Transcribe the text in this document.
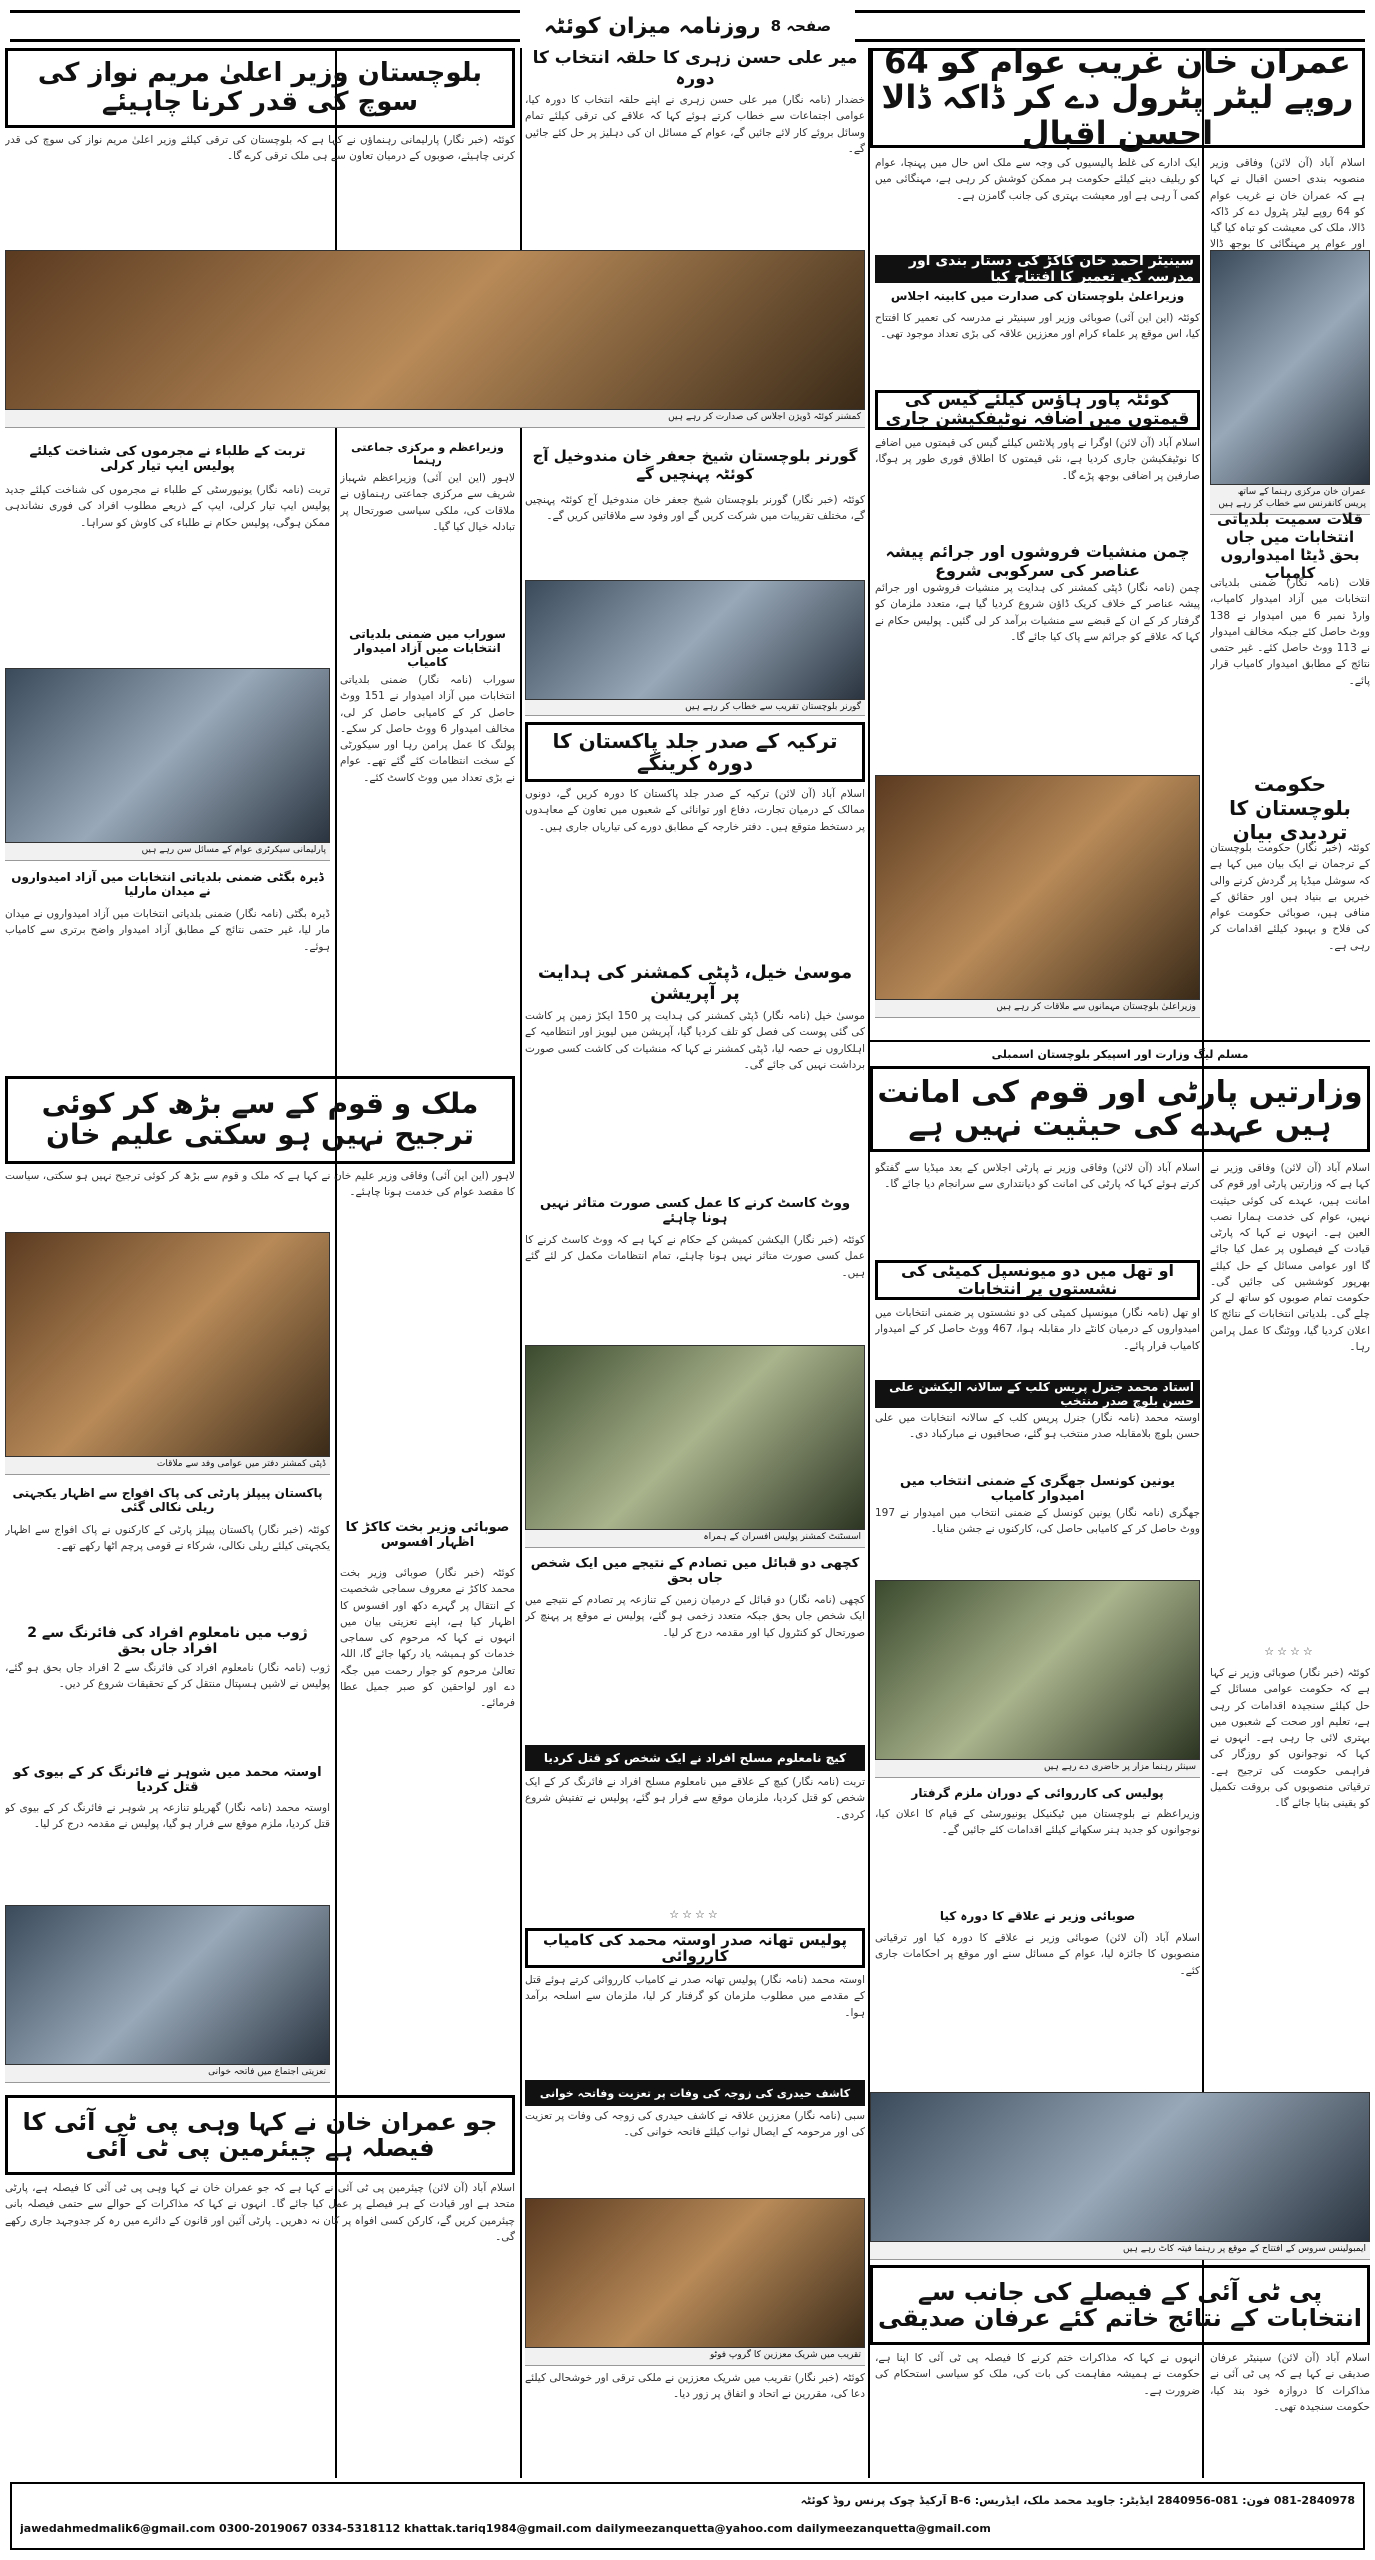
صفحہ 8
روزنامہ میزان کوئٹہ
عمران خان غریب عوام کو 64 روپے لیٹر پٹرول دے کر ڈاکہ ڈالا احسن اقبال
اسلام آباد (آن لائن) وفاقی وزیر منصوبہ بندی احسن اقبال نے کہا ہے کہ عمران خان نے غریب عوام کو 64 روپے لیٹر پٹرول دے کر ڈاکہ ڈالا، ملک کی معیشت کو تباہ کیا گیا اور عوام پر مہنگائی کا بوجھ ڈالا
عمران خان مرکزی رہنما کے ساتھ پریس کانفرنس سے خطاب کر رہے ہیں
قلات سمیت بلدیاتی انتخابات میں جاں بحق ڈیٹا امیدواروں کامیاب
قلات (نامہ نگار) ضمنی بلدیاتی انتخابات میں آزاد امیدوار کامیاب، وارڈ نمبر 6 میں امیدوار نے 138 ووٹ حاصل کئے جبکہ مخالف امیدوار نے 113 ووٹ حاصل کئے۔ غیر حتمی نتائج کے مطابق امیدوار کامیاب قرار پائے۔
حکومت بلوچستان کا تردیدی بیان
کوئٹہ (خبر نگار) حکومت بلوچستان کے ترجمان نے ایک بیان میں کہا ہے کہ سوشل میڈیا پر گردش کرنے والی خبریں بے بنیاد ہیں اور حقائق کے منافی ہیں، صوبائی حکومت عوام کی فلاح و بہبود کیلئے اقدامات کر رہی ہے۔
ایک ادارے کی غلط پالیسیوں کی وجہ سے ملک اس حال میں پہنچا، عوام کو ریلیف دینے کیلئے حکومت ہر ممکن کوشش کر رہی ہے، مہنگائی میں کمی آ رہی ہے اور معیشت بہتری کی جانب گامزن ہے۔
سینیٹر احمد خان کاکڑ کی دستار بندی اور مدرسہ کی تعمیر کا افتتاح کیا
وزیراعلیٰ بلوچستان کی صدارت میں کابینہ اجلاس
کوئٹہ (این این آئی) صوبائی وزیر اور سینیٹر نے مدرسہ کی تعمیر کا افتتاح کیا، اس موقع پر علماء کرام اور معززین علاقہ کی بڑی تعداد موجود تھی۔
کوئٹہ پاور ہاؤس کیلئے گیس کی قیمتوں میں اضافہ نوٹیفکیشن جاری
اسلام آباد (آن لائن) اوگرا نے پاور پلانٹس کیلئے گیس کی قیمتوں میں اضافے کا نوٹیفکیشن جاری کردیا ہے، نئی قیمتوں کا اطلاق فوری طور پر ہوگا، صارفین پر اضافی بوجھ پڑے گا۔
چمن منشیات فروشوں اور جرائم پیشہ عناصر کی سرکوبی شروع
چمن (نامہ نگار) ڈپٹی کمشنر کی ہدایت پر منشیات فروشوں اور جرائم پیشہ عناصر کے خلاف کریک ڈاؤن شروع کردیا گیا ہے، متعدد ملزمان کو گرفتار کر کے ان کے قبضے سے منشیات برآمد کر لی گئیں۔ پولیس حکام نے کہا کہ علاقے کو جرائم سے پاک کیا جائے گا۔
وزیراعلیٰ بلوچستان مہمانوں سے ملاقات کر رہے ہیں
مسلم لیگ وزارت اور اسپیکر بلوچستان اسمبلی
وزارتیں پارٹی اور قوم کی امانت ہیں عہدے کی حیثیت نہیں ہے
اسلام آباد (آن لائن) وفاقی وزیر نے کہا ہے کہ وزارتیں پارٹی اور قوم کی امانت ہیں، عہدے کی کوئی حیثیت نہیں، عوام کی خدمت ہمارا نصب العین ہے۔ انہوں نے کہا کہ پارٹی قیادت کے فیصلوں پر عمل کیا جائے گا اور عوامی مسائل کے حل کیلئے بھرپور کوششیں کی جائیں گی۔ حکومت تمام صوبوں کو ساتھ لے کر چلے گی۔ بلدیاتی انتخابات کے نتائج کا اعلان کردیا گیا، ووٹنگ کا عمل پرامن رہا۔
☆☆☆☆
کوئٹہ (خبر نگار) صوبائی وزیر نے کہا ہے کہ حکومت عوامی مسائل کے حل کیلئے سنجیدہ اقدامات کر رہی ہے، تعلیم اور صحت کے شعبوں میں بہتری لائی جا رہی ہے۔ انہوں نے کہا کہ نوجوانوں کو روزگار کی فراہمی حکومت کی ترجیح ہے۔ ترقیاتی منصوبوں کی بروقت تکمیل کو یقینی بنایا جائے گا۔
اسلام آباد (آن لائن) وفاقی وزیر نے پارٹی اجلاس کے بعد میڈیا سے گفتگو کرتے ہوئے کہا کہ پارٹی کی امانت کو دیانتداری سے سرانجام دیا جائے گا۔
او تھل میں دو میونسپل کمیٹی کی نشستوں پر انتخابات
او تھل (نامہ نگار) میونسپل کمیٹی کی دو نشستوں پر ضمنی انتخابات میں امیدواروں کے درمیان کانٹے دار مقابلہ ہوا، 467 ووٹ حاصل کر کے امیدوار کامیاب قرار پائے۔
استاد محمد جنرل پریس کلب کے سالانہ الیکشن علی حسن بلوچ صدر منتخب
اوستہ محمد (نامہ نگار) جنرل پریس کلب کے سالانہ انتخابات میں علی حسن بلوچ بلامقابلہ صدر منتخب ہو گئے، صحافیوں نے مبارکباد دی۔
یونین کونسل جھگری کے ضمنی انتخاب میں امیدوار کامیاب
جھگری (نامہ نگار) یونین کونسل کے ضمنی انتخاب میں امیدوار نے 197 ووٹ حاصل کر کے کامیابی حاصل کی، کارکنوں نے جشن منایا۔
سینئر رہنما مزار پر حاضری دے رہے ہیں
پولیس کی کارروائی کے دوران ملزم گرفتار
وزیراعظم نے بلوچستان میں ٹیکنیکل یونیورسٹی کے قیام کا اعلان کیا، نوجوانوں کو جدید ہنر سکھانے کیلئے اقدامات کئے جائیں گے۔
صوبائی وزیر نے علاقے کا دورہ کیا
اسلام آباد (آن لائن) صوبائی وزیر نے علاقے کا دورہ کیا اور ترقیاتی منصوبوں کا جائزہ لیا، عوام کے مسائل سنے اور موقع پر احکامات جاری کئے۔
ایمبولینس سروس کے افتتاح کے موقع پر رہنما فیتہ کاٹ رہے ہیں
پی ٹی آئی کے فیصلے کی جانب سے انتخابات کے نتائج خاتم کئے عرفان صدیقی
اسلام آباد (آن لائن) سینیٹر عرفان صدیقی نے کہا ہے کہ پی ٹی آئی نے مذاکرات کا دروازہ خود بند کیا، حکومت سنجیدہ تھی۔
انہوں نے کہا کہ مذاکرات ختم کرنے کا فیصلہ پی ٹی آئی کا اپنا ہے، حکومت نے ہمیشہ مفاہمت کی بات کی، ملک کو سیاسی استحکام کی ضرورت ہے۔
میر علی حسن زہری کا حلقہ انتخاب کا دورہ
خضدار (نامہ نگار) میر علی حسن زہری نے اپنے حلقہ انتخاب کا دورہ کیا، عوامی اجتماعات سے خطاب کرتے ہوئے کہا کہ علاقے کی ترقی کیلئے تمام وسائل بروئے کار لائے جائیں گے، عوام کے مسائل ان کی دہلیز پر حل کئے جائیں گے۔
کمشنر کوئٹہ ڈویژن اجلاس کی صدارت کر رہے ہیں
گورنر بلوچستان شیخ جعفر خان مندوخیل آج کوئٹہ پہنچیں گے
کوئٹہ (خبر نگار) گورنر بلوچستان شیخ جعفر خان مندوخیل آج کوئٹہ پہنچیں گے، مختلف تقریبات میں شرکت کریں گے اور وفود سے ملاقاتیں کریں گے۔
گورنر بلوچستان تقریب سے خطاب کر رہے ہیں
ترکیہ کے صدر جلد پاکستان کا دورہ کرینگے
اسلام آباد (آن لائن) ترکیہ کے صدر جلد پاکستان کا دورہ کریں گے، دونوں ممالک کے درمیان تجارت، دفاع اور توانائی کے شعبوں میں تعاون کے معاہدوں پر دستخط متوقع ہیں۔ دفتر خارجہ کے مطابق دورے کی تیاریاں جاری ہیں۔
موسیٰ خیل، ڈپٹی کمشنر کی ہدایت پر آپریشن
موسیٰ خیل (نامہ نگار) ڈپٹی کمشنر کی ہدایت پر 150 ایکڑ زمین پر کاشت کی گئی پوست کی فصل کو تلف کردیا گیا، آپریشن میں لیویز اور انتظامیہ کے اہلکاروں نے حصہ لیا، ڈپٹی کمشنر نے کہا کہ منشیات کی کاشت کسی صورت برداشت نہیں کی جائے گی۔
ووٹ کاسٹ کرنے کا عمل کسی صورت متاثر نہیں ہونا چاہئے
کوئٹہ (خبر نگار) الیکشن کمیشن کے حکام نے کہا ہے کہ ووٹ کاسٹ کرنے کا عمل کسی صورت متاثر نہیں ہونا چاہئے، تمام انتظامات مکمل کر لئے گئے ہیں۔
اسسٹنٹ کمشنر پولیس افسران کے ہمراہ
کچھی دو قبائل میں تصادم کے نتیجے میں ایک شخص جاں بحق
کچھی (نامہ نگار) دو قبائل کے درمیان زمین کے تنازعہ پر تصادم کے نتیجے میں ایک شخص جاں بحق جبکہ متعدد زخمی ہو گئے، پولیس نے موقع پر پہنچ کر صورتحال کو کنٹرول کیا اور مقدمہ درج کر لیا۔
کیچ نامعلوم مسلح افراد نے ایک شخص کو قتل کردیا
تربت (نامہ نگار) کیچ کے علاقے میں نامعلوم مسلح افراد نے فائرنگ کر کے ایک شخص کو قتل کردیا، ملزمان موقع سے فرار ہو گئے، پولیس نے تفتیش شروع کردی۔
☆☆☆☆
پولیس تھانہ صدر اوستہ محمد کی کامیاب کارروائی
اوستہ محمد (نامہ نگار) پولیس تھانہ صدر نے کامیاب کارروائی کرتے ہوئے قتل کے مقدمے میں مطلوب ملزمان کو گرفتار کر لیا، ملزمان سے اسلحہ برآمد ہوا۔
کاشف حیدری کی زوجہ کی وفات پر تعزیت وفاتحہ خوانی
سبی (نامہ نگار) معززین علاقہ نے کاشف حیدری کی زوجہ کی وفات پر تعزیت کی اور مرحومہ کے ایصال ثواب کیلئے فاتحہ خوانی کی۔
تقریب میں شریک معززین کا گروپ فوٹو
کوئٹہ (خبر نگار) تقریب میں شریک معززین نے ملکی ترقی اور خوشحالی کیلئے دعا کی، مقررین نے اتحاد و اتفاق پر زور دیا۔
بلوچستان وزیر اعلیٰ مریم نواز کی سوچ کی قدر کرنا چاہیئے
کوئٹہ (خبر نگار) پارلیمانی رہنماؤں نے کہا ہے کہ بلوچستان کی ترقی کیلئے وزیر اعلیٰ مریم نواز کی سوچ کی قدر کرنی چاہیئے، صوبوں کے درمیان تعاون سے ہی ملک ترقی کرے گا۔
تربت کے طلباء نے مجرموں کی شناخت کیلئے پولیس ایپ تیار کرلی
تربت (نامہ نگار) یونیورسٹی کے طلباء نے مجرموں کی شناخت کیلئے جدید پولیس ایپ تیار کرلی، ایپ کے ذریعے مطلوب افراد کی فوری نشاندہی ممکن ہوگی، پولیس حکام نے طلباء کی کاوش کو سراہا۔
پارلیمانی سیکرٹری عوام کے مسائل سن رہے ہیں
ڈیرہ بگٹی ضمنی بلدیاتی انتخابات میں آزاد امیدواروں نے میدان مارلیا
ڈیرہ بگٹی (نامہ نگار) ضمنی بلدیاتی انتخابات میں آزاد امیدواروں نے میدان مار لیا، غیر حتمی نتائج کے مطابق آزاد امیدوار واضح برتری سے کامیاب ہوئے۔
وزیراعظم و مرکزی جماعتی رہنما
لاہور (این این آئی) وزیراعظم شہباز شریف سے مرکزی جماعتی رہنماؤں نے ملاقات کی، ملکی سیاسی صورتحال پر تبادلہ خیال کیا گیا۔
سوراب میں ضمنی بلدیاتی انتخابات میں آزاد امیدوار کامیاب
سوراب (نامہ نگار) ضمنی بلدیاتی انتخابات میں آزاد امیدوار نے 151 ووٹ حاصل کر کے کامیابی حاصل کر لی، مخالف امیدوار 6 ووٹ حاصل کر سکے۔ پولنگ کا عمل پرامن رہا اور سیکورٹی کے سخت انتظامات کئے گئے تھے۔ عوام نے بڑی تعداد میں ووٹ کاسٹ کئے۔
ملک و قوم کے سے بڑھ کر کوئی ترجیح نہیں ہو سکتی علیم خان
لاہور (این این آئی) وفاقی وزیر علیم خان نے کہا ہے کہ ملک و قوم سے بڑھ کر کوئی ترجیح نہیں ہو سکتی، سیاست کا مقصد عوام کی خدمت ہونا چاہئے۔
ڈپٹی کمشنر دفتر میں عوامی وفد سے ملاقات
پاکستان پیپلز پارٹی کی پاک افواج سے اظہار یکجہتی ریلی نکالی گئی
کوئٹہ (خبر نگار) پاکستان پیپلز پارٹی کے کارکنوں نے پاک افواج سے اظہار یکجہتی کیلئے ریلی نکالی، شرکاء نے قومی پرچم اٹھا رکھے تھے۔
ژوب میں نامعلوم افراد کی فائرنگ سے 2 افراد جاں بحق
ژوب (نامہ نگار) نامعلوم افراد کی فائرنگ سے 2 افراد جاں بحق ہو گئے، پولیس نے لاشیں ہسپتال منتقل کر کے تحقیقات شروع کر دیں۔
اوستہ محمد میں شوہر نے فائرنگ کر کے بیوی کو قتل کردیا
اوستہ محمد (نامہ نگار) گھریلو تنازعہ پر شوہر نے فائرنگ کر کے بیوی کو قتل کردیا، ملزم موقع سے فرار ہو گیا، پولیس نے مقدمہ درج کر لیا۔
تعزیتی اجتماع میں فاتحہ خوانی
صوبائی وزیر بخت کاکڑ کا اظہار افسوس
کوئٹہ (خبر نگار) صوبائی وزیر بخت محمد کاکڑ نے معروف سماجی شخصیت کے انتقال پر گہرے دکھ اور افسوس کا اظہار کیا ہے، اپنے تعزیتی بیان میں انہوں نے کہا کہ مرحوم کی سماجی خدمات کو ہمیشہ یاد رکھا جائے گا، اللہ تعالیٰ مرحوم کو جوار رحمت میں جگہ دے اور لواحقین کو صبر جمیل عطا فرمائے۔
جو عمران خان نے کہا وہی پی ٹی آئی کا فیصلہ ہے چیئرمین پی ٹی آئی
اسلام آباد (آن لائن) چیئرمین پی ٹی آئی نے کہا ہے کہ جو عمران خان نے کہا وہی پی ٹی آئی کا فیصلہ ہے، پارٹی متحد ہے اور قیادت کے ہر فیصلے پر عمل کیا جائے گا۔ انہوں نے کہا کہ مذاکرات کے حوالے سے حتمی فیصلہ بانی چیئرمین کریں گے، کارکن کسی افواہ پر کان نہ دھریں۔ پارٹی آئین اور قانون کے دائرے میں رہ کر جدوجہد جاری رکھے گی۔
081-2840978 فون: 081-2840956 ایڈیٹر: جاوید محمد ملک، ایڈریس: B-6 آرکیڈ چوک پرنس روڈ کوئٹہ
jawedahmedmalik6@gmail.com 0300-2019067 0334-5318112 khattak.tariq1984@gmail.com dailymeezanquetta@yahoo.com dailymeezanquetta@gmail.com
